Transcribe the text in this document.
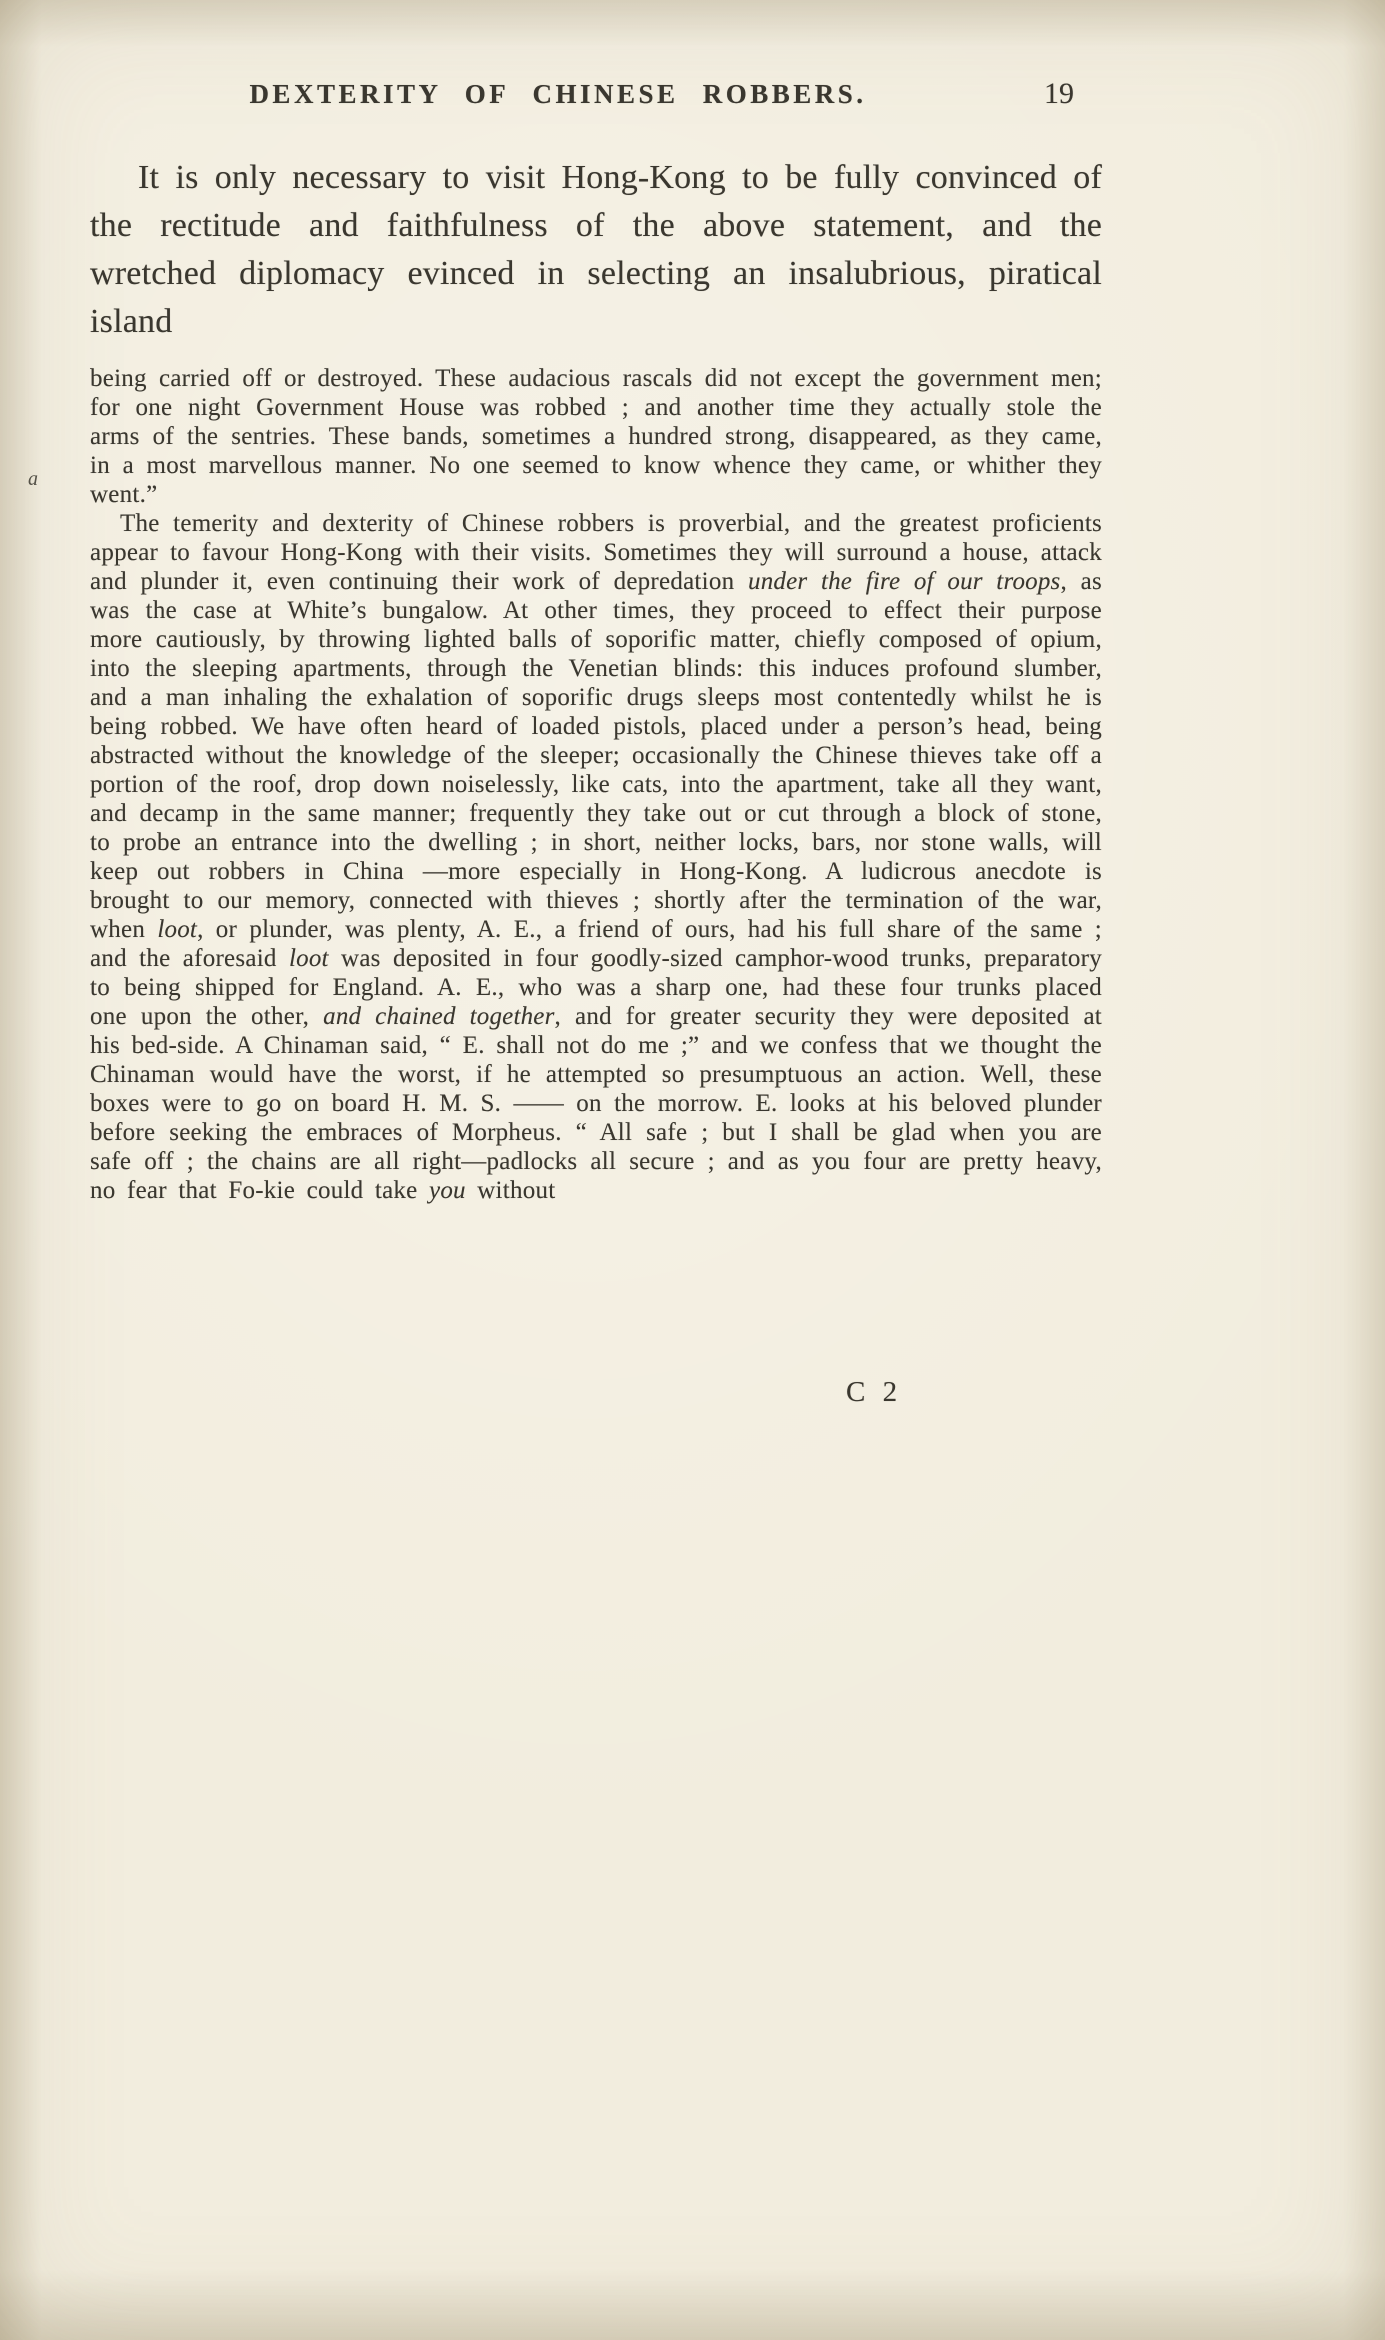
DEXTERITY OF CHINESE ROBBERS.	19

It is only necessary to visit Hong-Kong to be fully convinced of the rectitude and faithfulness of the above statement, and the wretched diplomacy evinced in selecting an insalubrious, piratical island

being carried off or destroyed. These audacious rascals did not except the government men; for one night Government House was robbed ; and another time they actually stole the arms of the sentries. These bands, sometimes a hundred strong, disappeared, as they came, in a most marvellous manner. No one seemed to know whence they came, or whither they went.”

The temerity and dexterity of Chinese robbers is proverbial, and the greatest proficients appear to favour Hong-Kong with their visits. Sometimes they will surround a house, attack and plunder it, even continuing their work of depredation under the fire of our troops, as was the case at White’s bungalow. At other times, they proceed to effect their purpose more cautiously, by throwing lighted balls of soporific matter, chiefly composed of opium, into the sleeping apartments, through the Venetian blinds: this induces profound slumber, and a man inhaling the exhalation of soporific drugs sleeps most contentedly whilst he is being robbed. We have often heard of loaded pistols, placed under a person’s head, being abstracted without the knowledge of the sleeper; occasionally the Chinese thieves take off a portion of the roof, drop down noiselessly, like cats, into the apartment, take all they want, and decamp in the same manner; frequently they take out or cut through a block of stone, to probe an entrance into the dwelling ; in short, neither locks, bars, nor stone walls, will keep out robbers in China —more especially in Hong-Kong. A ludicrous anecdote is brought to our memory, connected with thieves ; shortly after the termination of the war, when loot, or plunder, was plenty, A. E., a friend of ours, had his full share of the same ; and the aforesaid loot was deposited in four goodly-sized camphor-wood trunks, preparatory to being shipped for England. A. E., who was a sharp one, had these four trunks placed one upon the other, and chained together, and for greater security they were deposited at his bed-side. A Chinaman said, “ E. shall not do me ;” and we confess that we thought the Chinaman would have the worst, if he attempted so presumptuous an action. Well, these boxes were to go on board H. M. S. —— on the morrow. E. looks at his beloved plunder before seeking the embraces of Morpheus. “ All safe ; but I shall be glad when you are safe off ; the chains are all right—padlocks all secure ; and as you four are pretty heavy, no fear that Fo-kie could take you without

a
C 2
